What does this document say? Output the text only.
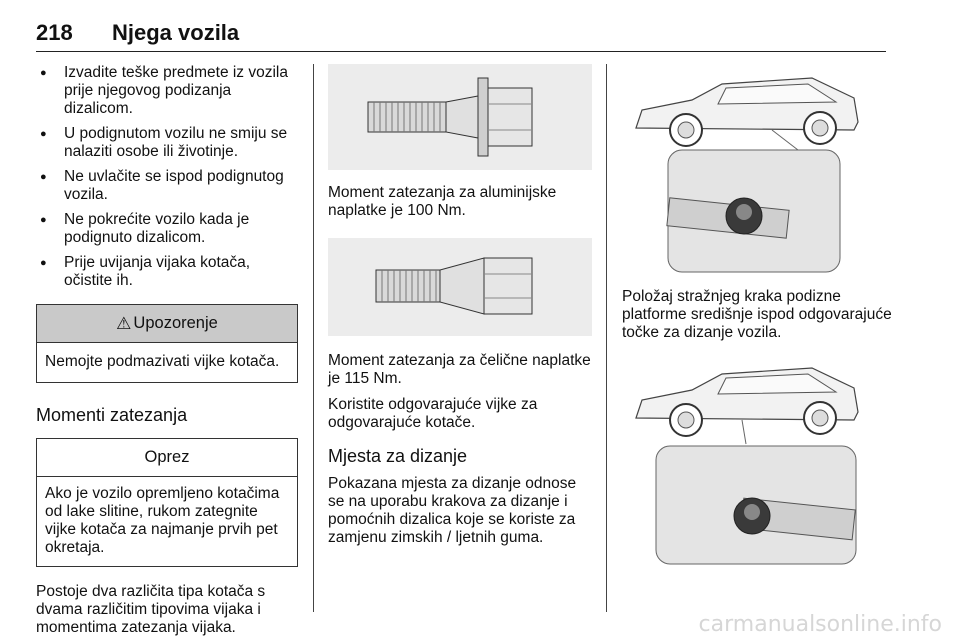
218 Njega vozila
● Izvadite teške predmete iz vozila prije njegovog podizanja dizalicom.
● U podignutom vozilu ne smiju se nalaziti osobe ili životinje.
● Ne uvlačite se ispod podignutog vozila.
● Ne pokrećite vozilo kada je podignuto dizalicom.
● Prije uvijanja vijaka kotača, očistite ih.
⚠ Upozorenje
Nemojte podmazivati vijke kotača.
Momenti zatezanja
Oprez
Ako je vozilo opremljeno kotačima od lake slitine, rukom zategnite vijke kotača za najmanje prvih pet okretaja.
Postoje dva različita tipa kotača s dvama različitim tipovima vijaka i momentima zatezanja vijaka.
Moment zatezanja za aluminijske naplatke je 100 Nm.
Moment zatezanja za čelične naplatke je 115 Nm.
Koristite odgovarajuće vijke za odgovarajuće kotače.
Mjesta za dizanje
Pokazana mjesta za dizanje odnose se na uporabu krakova za dizanje i pomoćnih dizalica koje se koriste za zamjenu zimskih / ljetnih guma.
Položaj stražnjeg kraka podizne platforme središnje ispod odgovarajuće točke za dizanje vozila.
carmanualsonline.info
